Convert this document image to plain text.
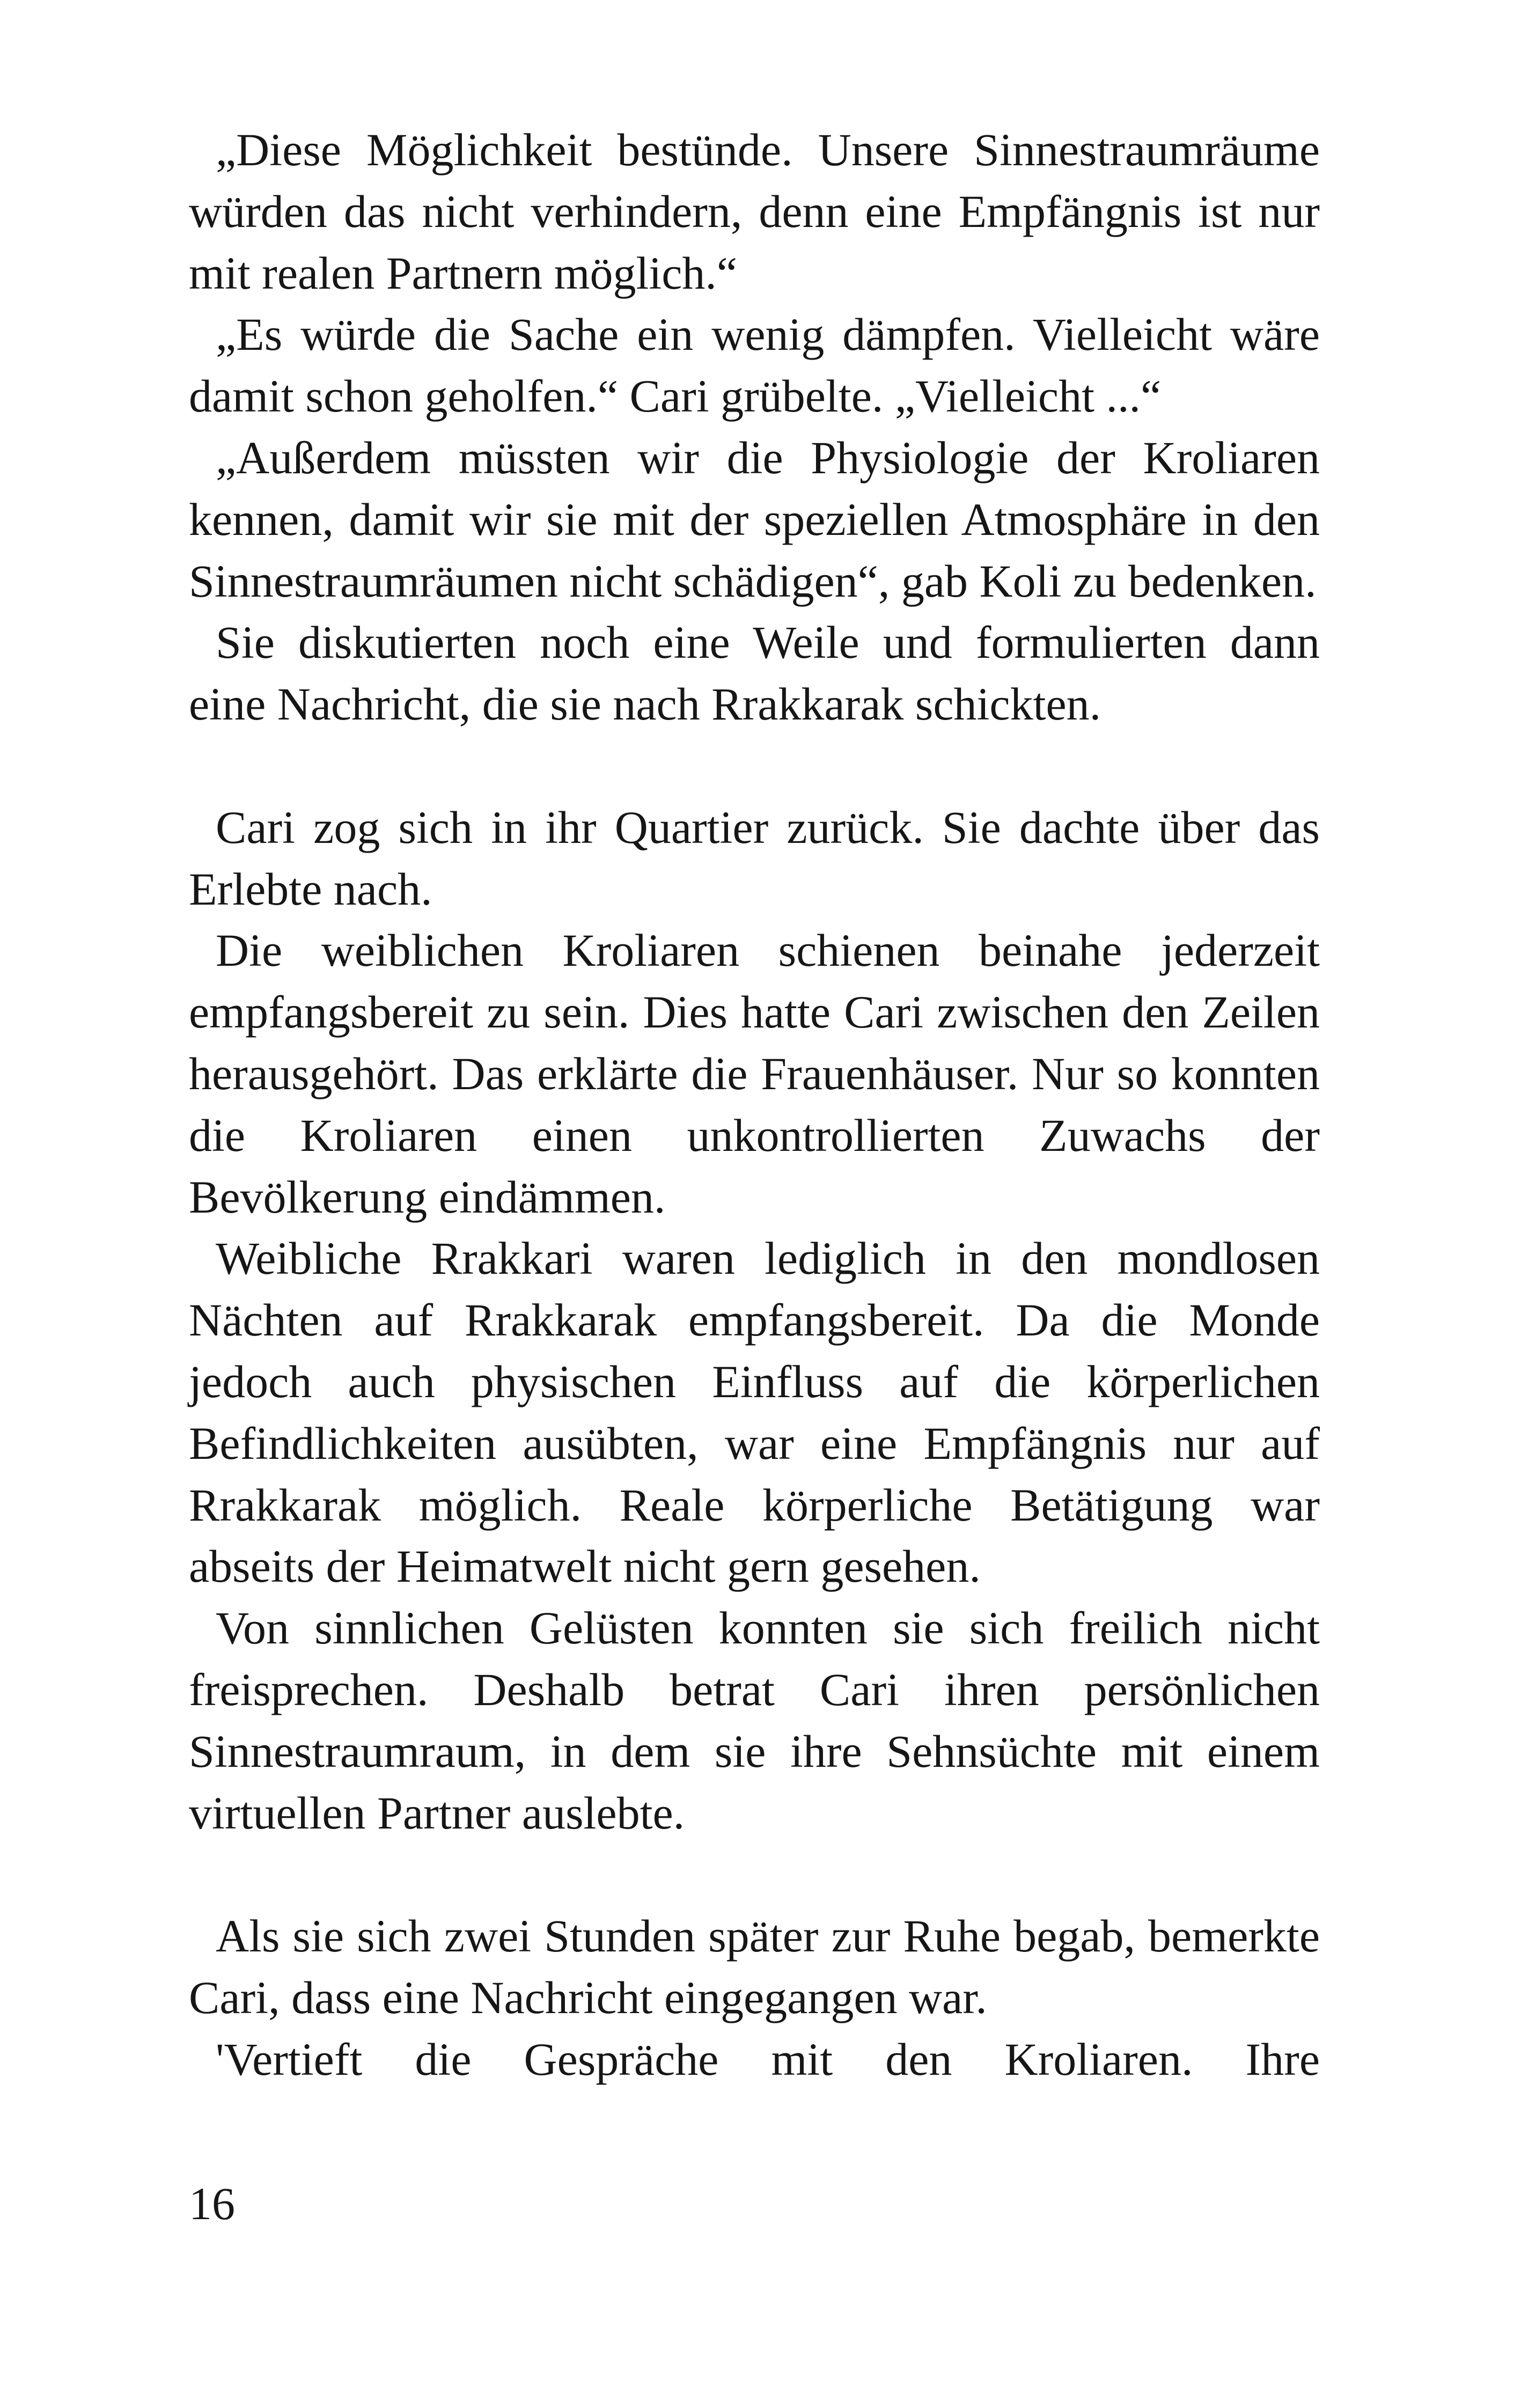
„Diese Möglichkeit bestünde. Unsere Sinnestraumräume würden das nicht verhindern, denn eine Empfängnis ist nur mit realen Partnern möglich.“

„Es würde die Sache ein wenig dämpfen. Vielleicht wäre damit schon geholfen.“ Cari grübelte. „Vielleicht ...“

„Außerdem müssten wir die Physiologie der Kroliaren kennen, damit wir sie mit der speziellen Atmosphäre in den Sinnestraumräumen nicht schädigen“, gab Koli zu bedenken.

Sie diskutierten noch eine Weile und formulierten dann eine Nachricht, die sie nach Rrakkarak schickten.

Cari zog sich in ihr Quartier zurück. Sie dachte über das Erlebte nach.

Die weiblichen Kroliaren schienen beinahe jederzeit empfangsbereit zu sein. Dies hatte Cari zwischen den Zeilen herausgehört. Das erklärte die Frauenhäuser. Nur so konnten die Kroliaren einen unkontrollierten Zuwachs der Bevölkerung eindämmen.

Weibliche Rrakkari waren lediglich in den mondlosen Nächten auf Rrakkarak empfangsbereit. Da die Monde jedoch auch physischen Einfluss auf die körperlichen Befindlichkeiten ausübten, war eine Empfängnis nur auf Rrakkarak möglich. Reale körperliche Betätigung war abseits der Heimatwelt nicht gern gesehen.

Von sinnlichen Gelüsten konnten sie sich freilich nicht freisprechen. Deshalb betrat Cari ihren persönlichen Sinnestraumraum, in dem sie ihre Sehnsüchte mit einem virtuellen Partner auslebte.

Als sie sich zwei Stunden später zur Ruhe begab, bemerkte Cari, dass eine Nachricht eingegangen war.

'Vertieft die Gespräche mit den Kroliaren. Ihre

16
